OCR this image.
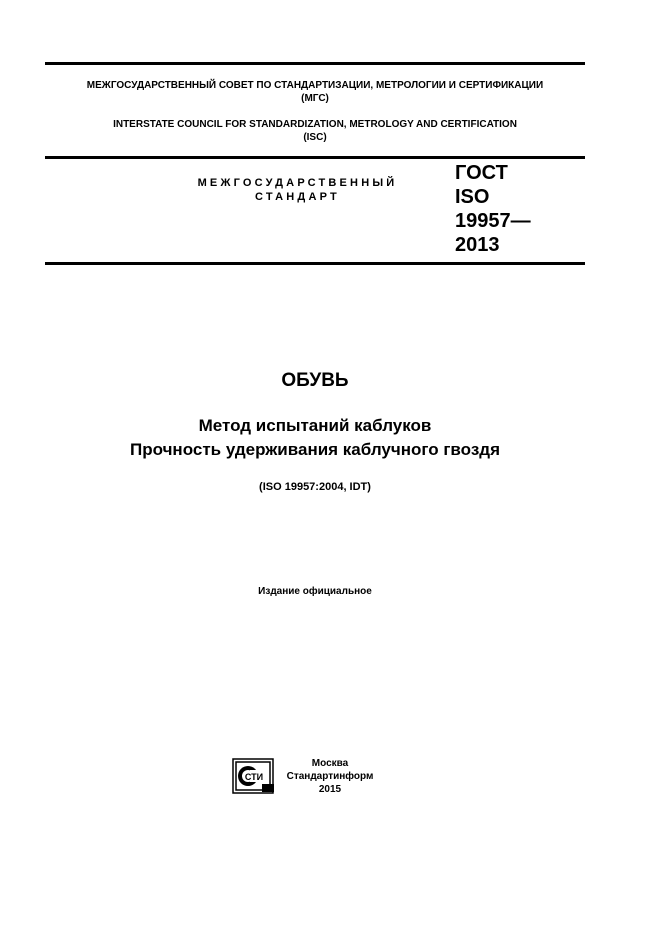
МЕЖГОСУДАРСТВЕННЫЙ СОВЕТ ПО СТАНДАРТИЗАЦИИ, МЕТРОЛОГИИ И СЕРТИФИКАЦИИ
(МГС)
INTERSTATE COUNCIL FOR STANDARDIZATION, METROLOGY AND CERTIFICATION
(ISC)
МЕЖГОСУДАРСТВЕННЫЙ
СТАНДАРТ
ГОСТ
ISO
19957—
2013
ОБУВЬ
Метод испытаний каблуков
Прочность удерживания каблучного гвоздя
(ISO 19957:2004, IDT)
Издание официальное
СТИ
Москва
Стандартинформ
2015
